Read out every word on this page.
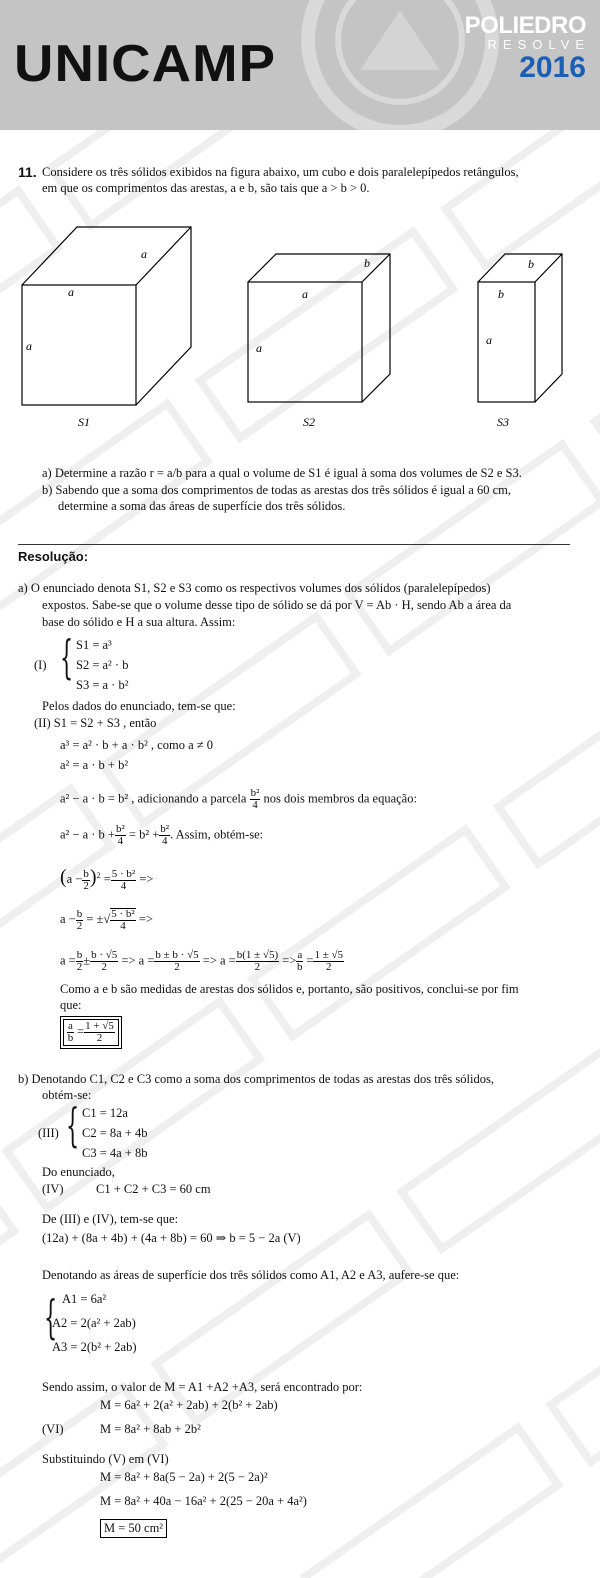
UNICAMP
POLIEDRO
RESOLVE
2016
11. Considere os três sólidos exibidos na figura abaixo, um cubo e dois paralelepípedos retângulos,
em que os comprimentos das arestas, a e b, são tais que a > b > 0.
a
a
a
b
a
a
b
b
a
S1	S2	S3
a) Determine a razão r = a/b para a qual o volume de S1 é igual à soma dos volumes de S2 e S3.
b) Sabendo que a soma dos comprimentos de todas as arestas dos três sólidos é igual a 60 cm,
determine a soma das áreas de superfície dos três sólidos.
Resolução:
a) O enunciado denota S1, S2 e S3 como os respectivos volumes dos sólidos (paralelepípedos)
expostos. Sabe-se que o volume desse tipo de sólido se dá por V = Ab · H, sendo Ab a área da
base do sólido e H a sua altura. Assim:
(I) { S1 = a³
S2 = a² · b
S3 = a · b²
Pelos dados do enunciado, tem-se que:
(II) S1 = S2 + S3 , então
a³ = a² · b + a · b² , como a ≠ 0
a² = a · b + b²
a² − a · b = b² , adicionando a parcela $\frac{\text{b²}}{4}$ nos dois membros da equação:
$a^2 - a \cdot b + \frac{\text{b²}}{4} = b^2 + \frac{\text{b²}}{4}$ . Assim, obtém-se:
$(a - \frac{b}{2} )^2 = \frac{\text{5 · b²}}{4}$ =>
$a - \frac{b}{2}$ = ±√ $\frac{\text{5 · b²}}{4}$ =>
$a = \frac{b}{2} \pm \frac{b \cdot √5}{2} => a = \frac{b \pm b \cdot √5}{2} => a = \frac{b(1 \pm √5)}{2} => \frac{a}{b} = \frac{1 \pm √5}{2}$
Como a e b são medidas de arestas dos sólidos e, portanto, são positivos, conclui-se por fim
que:
$\frac{a}{b} = \frac{1 + √5}{2}$
b) Denotando C1, C2 e C3 como a soma dos comprimentos de todas as arestas dos três sólidos,
obtém-se:
(III) { C1 = 12a
C2 = 8a + 4b
C3 = 4a + 8b
Do enunciado,
(IV)	C1 + C2 + C3 = 60 cm
De (III) e (IV), tem-se que:
(12a) + (8a + 4b) + (4a + 8b) = 60 ⇒ b = 5 − 2a (V)
Denotando as áreas de superfície dos três sólidos como A1, A2 e A3, aufere-se que:
{ A1 = 6a²
A2 = 2(a² + 2ab)
A3 = 2(b² + 2ab)
Sendo assim, o valor de M = A1 +A2 +A3, será encontrado por:
M = 6a² + 2(a² + 2ab) + 2(b² + 2ab)
(VI)	M = 8a² + 8ab + 2b²
Substituindo (V) em (VI)
M = 8a² + 8a(5 − 2a) + 2(5 − 2a)²
M = 8a² + 40a − 16a² + 2(25 − 20a + 4a²)
M = 50 cm²
